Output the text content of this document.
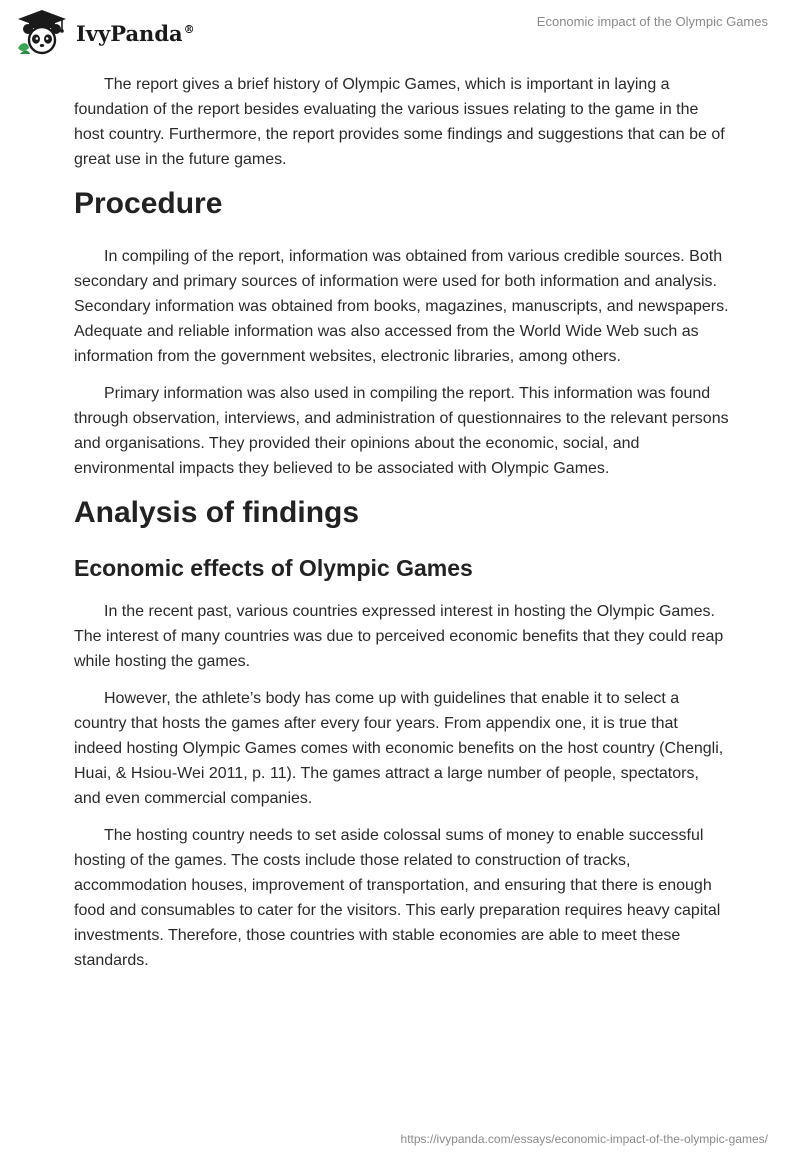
IvyPanda®	Economic impact of the Olympic Games

The report gives a brief history of Olympic Games, which is important in laying a foundation of the report besides evaluating the various issues relating to the game in the host country. Furthermore, the report provides some findings and suggestions that can be of great use in the future games.

Procedure

In compiling of the report, information was obtained from various credible sources. Both secondary and primary sources of information were used for both information and analysis. Secondary information was obtained from books, magazines, manuscripts, and newspapers. Adequate and reliable information was also accessed from the World Wide Web such as information from the government websites, electronic libraries, among others.

Primary information was also used in compiling the report. This information was found through observation, interviews, and administration of questionnaires to the relevant persons and organisations. They provided their opinions about the economic, social, and environmental impacts they believed to be associated with Olympic Games.

Analysis of findings
Economic effects of Olympic Games

In the recent past, various countries expressed interest in hosting the Olympic Games. The interest of many countries was due to perceived economic benefits that they could reap while hosting the games.

However, the athlete’s body has come up with guidelines that enable it to select a country that hosts the games after every four years. From appendix one, it is true that indeed hosting Olympic Games comes with economic benefits on the host country (Chengli, Huai, & Hsiou-Wei 2011, p. 11). The games attract a large number of people, spectators, and even commercial companies.

The hosting country needs to set aside colossal sums of money to enable successful hosting of the games. The costs include those related to construction of tracks, accommodation houses, improvement of transportation, and ensuring that there is enough food and consumables to cater for the visitors. This early preparation requires heavy capital investments. Therefore, those countries with stable economies are able to meet these standards.

https://ivypanda.com/essays/economic-impact-of-the-olympic-games/
